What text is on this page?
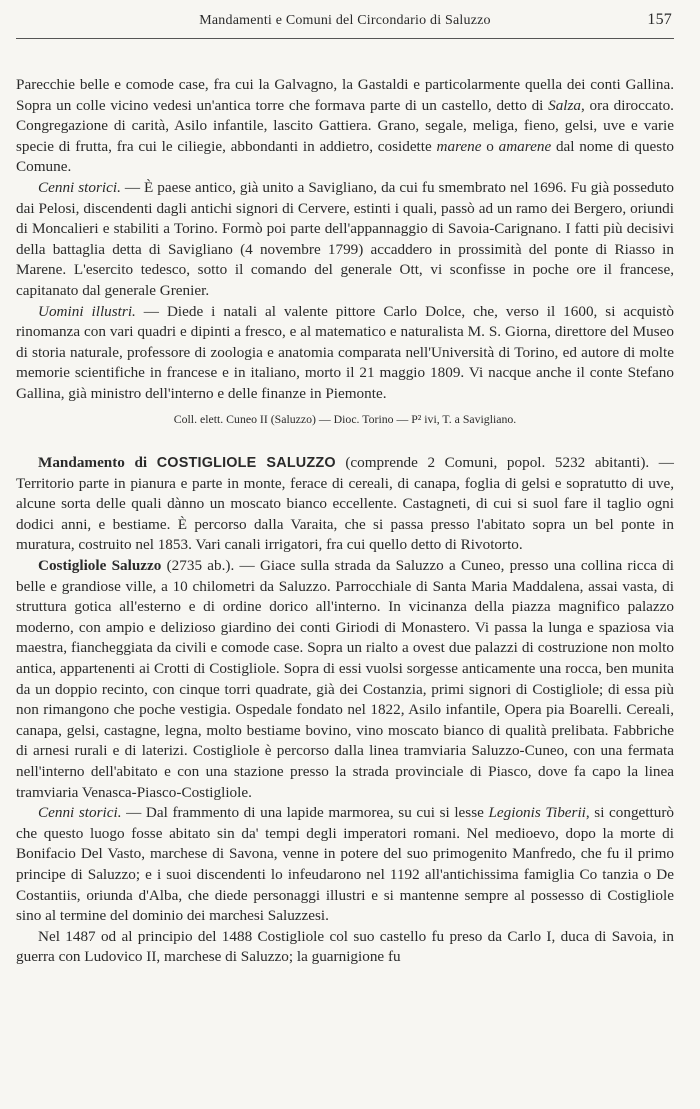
Mandamenti e Comuni del Circondario di Saluzzo	157

Parecchie belle e comode case, fra cui la Galvagno, la Gastaldi e particolarmente quella dei conti Gallina. Sopra un colle vicino vedesi un'antica torre che formava parte di un castello, detto di Salza, ora diroccato. Congregazione di carità, Asilo infantile, lascito Gattiera. Grano, segale, meliga, fieno, gelsi, uve e varie specie di frutta, fra cui le ciliegie, abbondanti in addietro, cosidette marene o amarene dal nome di questo Comune.

Cenni storici. — È paese antico, già unito a Savigliano, da cui fu smembrato nel 1696. Fu già posseduto dai Pelosi, discendenti dagli antichi signori di Cervere, estinti i quali, passò ad un ramo dei Bergero, oriundi di Moncalieri e stabiliti a Torino. Formò poi parte dell'appannaggio di Savoia-Carignano. I fatti più decisivi della battaglia detta di Savigliano (4 novembre 1799) accaddero in prossimità del ponte di Riasso in Marene. L'esercito tedesco, sotto il comando del generale Ott, vi sconfisse in poche ore il francese, capitanato dal generale Grenier.

Uomini illustri. — Diede i natali al valente pittore Carlo Dolce, che, verso il 1600, si acquistò rinomanza con vari quadri e dipinti a fresco, e al matematico e naturalista M. S. Giorna, direttore del Museo di storia naturale, professore di zoologia e anatomia comparata nell'Università di Torino, ed autore di molte memorie scientifiche in francese e in italiano, morto il 21 maggio 1809. Vi nacque anche il conte Stefano Gallina, già ministro dell'interno e delle finanze in Piemonte.

Coll. elett. Cuneo II (Saluzzo) — Dioc. Torino — P² ivi, T. a Savigliano.

Mandamento di COSTIGLIOLE SALUZZO (comprende 2 Comuni, popol. 5232 abitanti). — Territorio parte in pianura e parte in monte, ferace di cereali, di canapa, foglia di gelsi e sopratutto di uve, alcune sorta delle quali dànno un moscato bianco eccellente. Castagneti, di cui si suol fare il taglio ogni dodici anni, e bestiame. È percorso dalla Varaita, che si passa presso l'abitato sopra un bel ponte in muratura, costruito nel 1853. Vari canali irrigatori, fra cui quello detto di Rivotorto.

Costigliole Saluzzo (2735 ab.). — Giace sulla strada da Saluzzo a Cuneo, presso una collina ricca di belle e grandiose ville, a 10 chilometri da Saluzzo. Parrocchiale di Santa Maria Maddalena, assai vasta, di struttura gotica all'esterno e di ordine dorico all'interno. In vicinanza della piazza magnifico palazzo moderno, con ampio e delizioso giardino dei conti Giriodi di Monastero. Vi passa la lunga e spaziosa via maestra, fiancheggiata da civili e comode case. Sopra un rialto a ovest due palazzi di costruzione non molto antica, appartenenti ai Crotti di Costigliole. Sopra di essi vuolsi sorgesse anticamente una rocca, ben munita da un doppio recinto, con cinque torri quadrate, già dei Costanzia, primi signori di Costigliole; di essa più non rimangono che poche vestigia. Ospedale fondato nel 1822, Asilo infantile, Opera pia Boarelli. Cereali, canapa, gelsi, castagne, legna, molto bestiame bovino, vino moscato bianco di qualità prelibata. Fabbriche di arnesi rurali e di laterizi. Costigliole è percorso dalla linea tramviaria Saluzzo-Cuneo, con una fermata nell'interno dell'abitato e con una stazione presso la strada provinciale di Piasco, dove fa capo la linea tramviaria Venasca-Piasco-Costigliole.

Cenni storici. — Dal frammento di una lapide marmorea, su cui si lesse Legionis Tiberii, si congetturò che questo luogo fosse abitato sin da' tempi degli imperatori romani. Nel medioevo, dopo la morte di Bonifacio Del Vasto, marchese di Savona, venne in potere del suo primogenito Manfredo, che fu il primo principe di Saluzzo; e i suoi discendenti lo infeudarono nel 1192 all'antichissima famiglia Co tanzia o De Costantiis, oriunda d'Alba, che diede personaggi illustri e si mantenne sempre al possesso di Costigliole sino al termine del dominio dei marchesi Saluzzesi.

Nel 1487 od al principio del 1488 Costigliole col suo castello fu preso da Carlo I, duca di Savoia, in guerra con Ludovico II, marchese di Saluzzo; la guarnigione fu
